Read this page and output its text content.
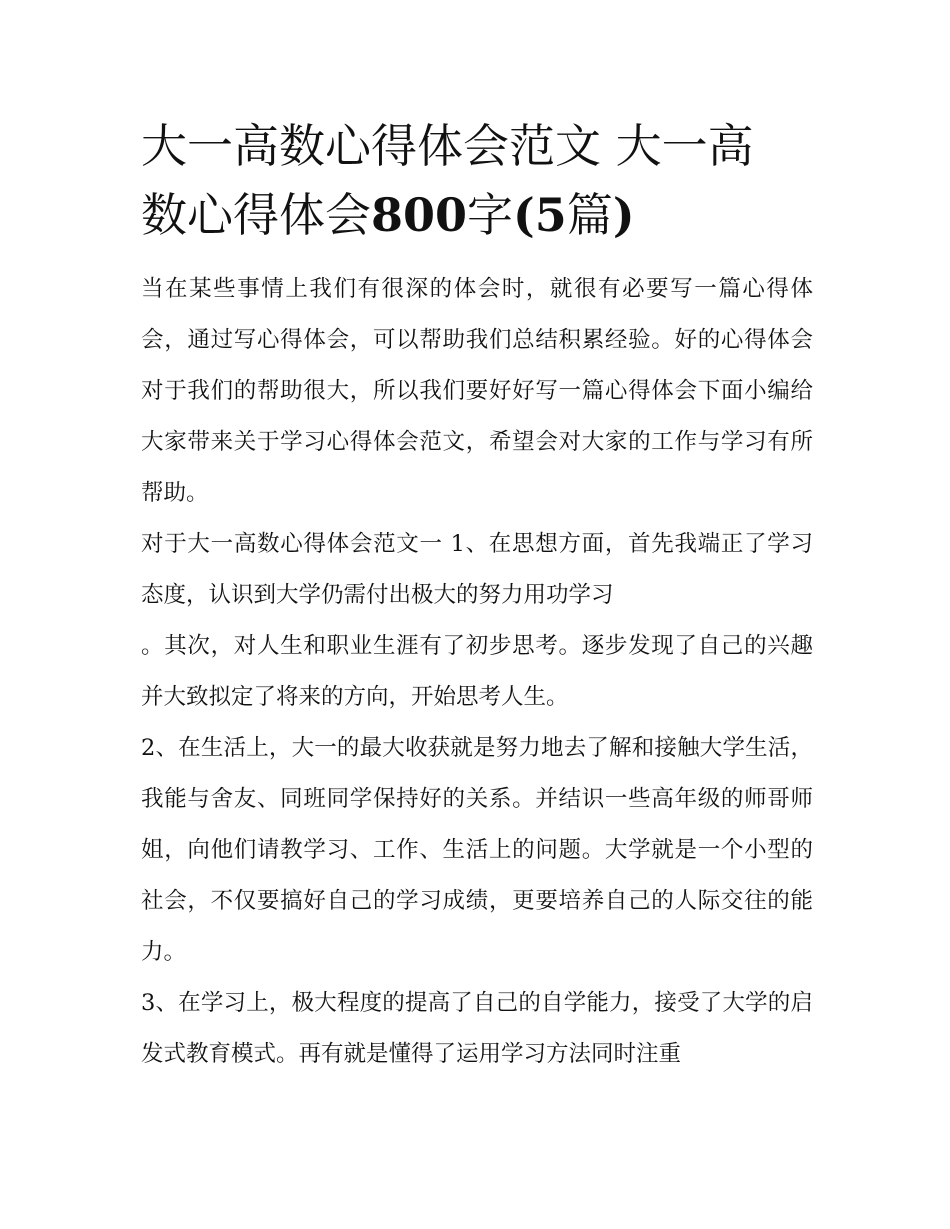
大一高数心得体会范文 大一高
数心得体会800字(5篇)

当在某些事情上我们有很深的体会时，就很有必要写一篇心得体会，通过写心得体会，可以帮助我们总结积累经验。好的心得体会对于我们的帮助很大，所以我们要好好写一篇心得体会下面小编给大家带来关于学习心得体会范文，希望会对大家的工作与学习有所帮助。

对于大一高数心得体会范文一 1、在思想方面，首先我端正了学习态度，认识到大学仍需付出极大的努力用功学习

。其次，对人生和职业生涯有了初步思考。逐步发现了自己的兴趣并大致拟定了将来的方向，开始思考人生。

2、在生活上，大一的最大收获就是努力地去了解和接触大学生活，我能与舍友、同班同学保持好的关系。并结识一些高年级的师哥师姐，向他们请教学习、工作、生活上的问题。大学就是一个小型的社会，不仅要搞好自己的学习成绩，更要培养自己的人际交往的能力。

3、在学习上，极大程度的提高了自己的自学能力，接受了大学的启发式教育模式。再有就是懂得了运用学习方法同时注重
